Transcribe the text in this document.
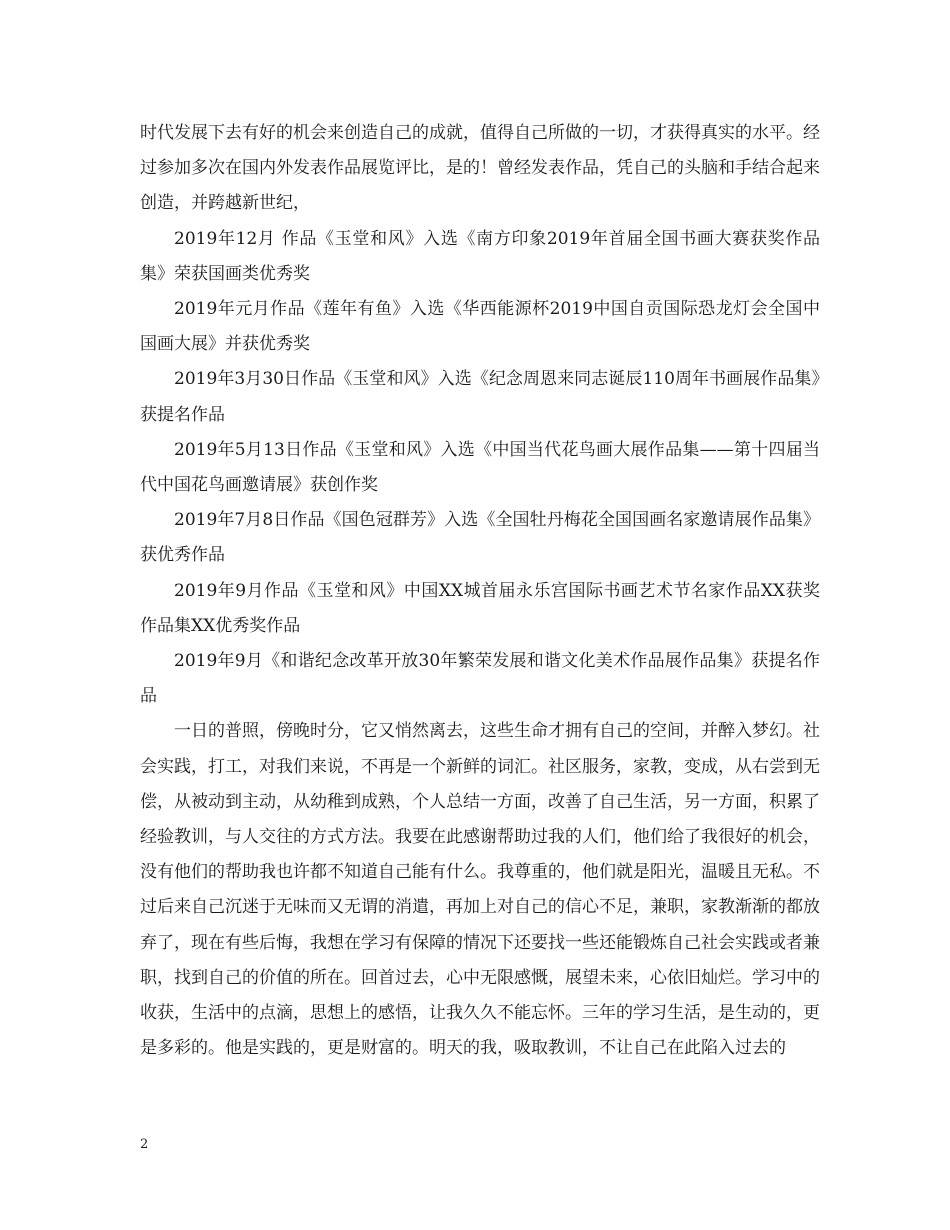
时代发展下去有好的机会来创造自己的成就，值得自己所做的一切，才获得真实的水平。经过参加多次在国内外发表作品展览评比，是的！曾经发表作品，凭自己的头脑和手结合起来创造，并跨越新世纪，

2019年12月 作品《玉堂和风》入选《南方印象2019年首届全国书画大赛获奖作品集》荣获国画类优秀奖

2019年元月作品《莲年有鱼》入选《华西能源杯2019中国自贡国际恐龙灯会全国中国画大展》并获优秀奖

2019年3月30日作品《玉堂和风》入选《纪念周恩来同志诞辰110周年书画展作品集》获提名作品

2019年5月13日作品《玉堂和风》入选《中国当代花鸟画大展作品集——第十四届当代中国花鸟画邀请展》获创作奖

2019年7月8日作品《国色冠群芳》入选《全国牡丹梅花全国国画名家邀请展作品集》获优秀作品

2019年9月作品《玉堂和风》中国XX城首届永乐宫国际书画艺术节名家作品XX获奖作品集XX优秀奖作品

2019年9月《和谐纪念改革开放30年繁荣发展和谐文化美术作品展作品集》获提名作品

一日的普照，傍晚时分，它又悄然离去，这些生命才拥有自己的空间，并醉入梦幻。社会实践，打工，对我们来说，不再是一个新鲜的词汇。社区服务，家教，变成，从右尝到无偿，从被动到主动，从幼稚到成熟，个人总结一方面，改善了自己生活，另一方面，积累了经验教训，与人交往的方式方法。我要在此感谢帮助过我的人们，他们给了我很好的机会，没有他们的帮助我也许都不知道自己能有什么。我尊重的，他们就是阳光，温暖且无私。不过后来自己沉迷于无味而又无谓的消遣，再加上对自己的信心不足，兼职，家教渐渐的都放弃了，现在有些后悔，我想在学习有保障的情况下还要找一些还能锻炼自己社会实践或者兼职，找到自己的价值的所在。回首过去，心中无限感慨，展望未来，心依旧灿烂。学习中的收获，生活中的点滴，思想上的感悟，让我久久不能忘怀。三年的学习生活，是生动的，更是多彩的。他是实践的，更是财富的。明天的我，吸取教训，不让自己在此陷入过去的

2
